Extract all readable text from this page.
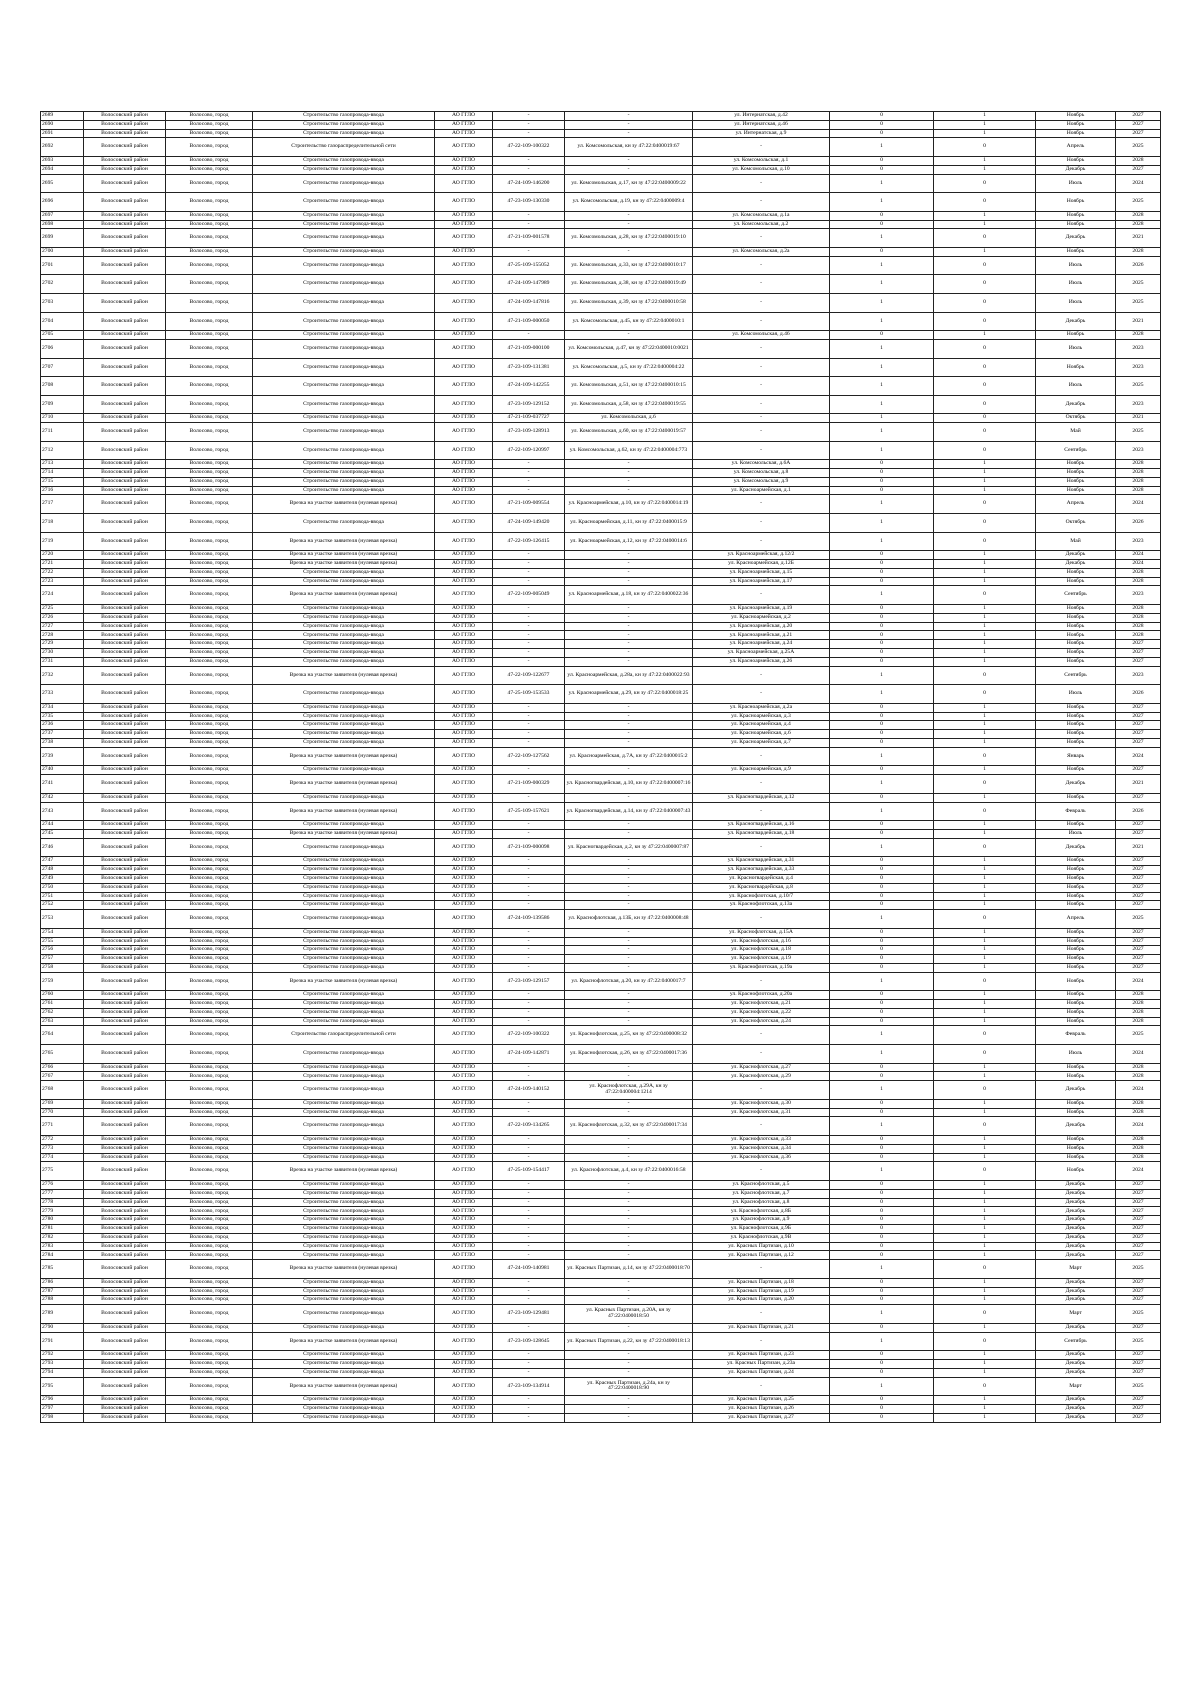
2689	Волосовский район	Волосово, город	Строительство газопровода-ввода	АО ГГЛО	-	-	ул. Интернатская, д.42	0	1	Ноябрь	2027
2690	Волосовский район	Волосово, город	Строительство газопровода-ввода	АО ГГЛО	-	-	ул. Интернатская, д.46	0	1	Ноябрь	2027
2691	Волосовский район	Волосово, город	Строительство газопровода-ввода	АО ГГЛО	-	-	ул. Интернатская, д.9	0	1	Ноябрь	2027
2692	Волосовский район	Волосово, город	Строительство газораспределительной сети	АО ГГЛО	47-22-109-100322	ул. Комсомольская, кн зу 47:22:0400019:67	-	1	0	Апрель	2025
2693	Волосовский район	Волосово, город	Строительство газопровода-ввода	АО ГГЛО	-	-	ул. Комсомольская, д.1	0	1	Ноябрь	2028
2694	Волосовский район	Волосово, город	Строительство газопровода-ввода	АО ГГЛО	-	-	ул. Комсомольская, д.10	0	1	Декабрь	2027
2695	Волосовский район	Волосово, город	Строительство газопровода-ввода	АО ГГЛО	47-24-109-146200	ул. Комсомольская, д.17, кн зу 47:22:0400009:22	-	1	0	Июль	2024
2696	Волосовский район	Волосово, город	Строительство газопровода-ввода	АО ГГЛО	47-23-109-130330	ул. Комсомольская, д.19, кн зу 47:22:0400009:4	-	1	0	Ноябрь	2025
2697	Волосовский район	Волосово, город	Строительство газопровода-ввода	АО ГГЛО	-	-	ул. Комсомольская, д.1а	0	1	Ноябрь	2028
2698	Волосовский район	Волосово, город	Строительство газопровода-ввода	АО ГГЛО	-	-	ул. Комсомольская, д.2	0	1	Ноябрь	2028
2699	Волосовский район	Волосово, город	Строительство газопровода-ввода	АО ГГЛО	47-21-109-001578	ул. Комсомольская, д.28, кн зу 47:22:0400019:10	-	1	0	Декабрь	2021
2700	Волосовский район	Волосово, город	Строительство газопровода-ввода	АО ГГЛО	-	-	ул. Комсомольская, д.2а	0	1	Ноябрь	2028
2701	Волосовский район	Волосово, город	Строительство газопровода-ввода	АО ГГЛО	47-25-109-155052	ул. Комсомольская, д.33, кн зу 47:22:0400010:17	-	1	0	Июль	2026
2702	Волосовский район	Волосово, город	Строительство газопровода-ввода	АО ГГЛО	47-24-109-147989	ул. Комсомольская, д.38, кн зу 47:22:0400019:49	-	1	0	Июль	2025
2703	Волосовский район	Волосово, город	Строительство газопровода-ввода	АО ГГЛО	47-24-109-147816	ул. Комсомольская, д.39, кн зу 47:22:0400010:58	-	1	0	Июль	2025
2704	Волосовский район	Волосово, город	Строительство газопровода-ввода	АО ГГЛО	47-21-109-000050	ул. Комсомольская, д.45, кн зу 47:22:0400010:1	-	1	0	Декабрь	2021
2705	Волосовский район	Волосово, город	Строительство газопровода-ввода	АО ГГЛО	-	-	ул. Комсомольская, д.46	0	1	Ноябрь	2028
2706	Волосовский район	Волосово, город	Строительство газопровода-ввода	АО ГГЛО	47-21-109-000100	ул. Комсомольская, д.47, кн зу 47:22:0400010:0021	-	1	0	Июль	2023
2707	Волосовский район	Волосово, город	Строительство газопровода-ввода	АО ГГЛО	47-23-109-131381	ул. Комсомольская, д.5, кн зу 47:22:0400004:22	-	1	0	Ноябрь	2023
2708	Волосовский район	Волосово, город	Строительство газопровода-ввода	АО ГГЛО	47-24-109-142255	ул. Комсомольская, д.51, кн зу 47:22:0400010:15	-	1	0	Июль	2025
2709	Волосовский район	Волосово, город	Строительство газопровода-ввода	АО ГГЛО	47-23-109-129152	ул. Комсомольская, д.58, кн зу 47:22:0400019:55	-	1	0	Декабрь	2023
2710	Волосовский район	Волосово, город	Строительство газопровода-ввода	АО ГГЛО	47-21-109-037727	ул. Комсомольская, д.6	-	1	0	Октябрь	2021
2711	Волосовский район	Волосово, город	Строительство газопровода-ввода	АО ГГЛО	47-23-109-128913	ул. Комсомольская, д.60, кн зу 47:22:0400019:57	-	1	0	Май	2025
2712	Волосовский район	Волосово, город	Строительство газопровода-ввода	АО ГГЛО	47-22-109-120997	ул. Комсомольская, д.62, кн зу 47:22:0400004:773	-	1	0	Сентябрь	2023
2713	Волосовский район	Волосово, город	Строительство газопровода-ввода	АО ГГЛО	-	-	ул. Комсомольская, д.6А	0	1	Ноябрь	2028
2714	Волосовский район	Волосово, город	Строительство газопровода-ввода	АО ГГЛО	-	-	ул. Комсомольская, д.8	0	1	Ноябрь	2028
2715	Волосовский район	Волосово, город	Строительство газопровода-ввода	АО ГГЛО	-	-	ул. Комсомольская, д.9	0	1	Ноябрь	2028
2716	Волосовский район	Волосово, город	Строительство газопровода-ввода	АО ГГЛО	-	-	ул. Красноармейская, д.1	0	1	Ноябрь	2028
2717	Волосовский район	Волосово, город	Врезка на участке заявителя (нулевая врезка)	АО ГГЛО	47-21-109-009554	ул. Красноармейская, д.10, кн зу 47:22:0400014:19	-	1	0	Апрель	2024
2718	Волосовский район	Волосово, город	Строительство газопровода-ввода	АО ГГЛО	47-24-109-149420	ул. Красноармейская, д.11, кн зу 47:22:0400015:9	-	1	0	Октябрь	2026
2719	Волосовский район	Волосово, город	Врезка на участке заявителя (нулевая врезка)	АО ГГЛО	47-22-109-126415	ул. Красноармейская, д.12, кн зу 47:22:0400014:6	-	1	0	Май	2023
2720	Волосовский район	Волосово, город	Врезка на участке заявителя (нулевая врезка)	АО ГГЛО	-	-	ул. Красноармейская, д.12/2	0	1	Декабрь	2024
2721	Волосовский район	Волосово, город	Врезка на участке заявителя (нулевая врезка)	АО ГГЛО	-	-	ул. Красноармейская, д.12Б	0	1	Декабрь	2024
2722	Волосовский район	Волосово, город	Строительство газопровода-ввода	АО ГГЛО	-	-	ул. Красноармейская, д.15	0	1	Ноябрь	2028
2723	Волосовский район	Волосово, город	Строительство газопровода-ввода	АО ГГЛО	-	-	ул. Красноармейская, д.17	0	1	Ноябрь	2028
2724	Волосовский район	Волосово, город	Врезка на участке заявителя (нулевая врезка)	АО ГГЛО	47-22-109-005049	ул. Красноармейская, д.18, кн зу 47:22:0400022:36	-	1	0	Сентябрь	2023
2725	Волосовский район	Волосово, город	Строительство газопровода-ввода	АО ГГЛО	-	-	ул. Красноармейская, д.19	0	1	Ноябрь	2028
2726	Волосовский район	Волосово, город	Строительство газопровода-ввода	АО ГГЛО	-	-	ул. Красноармейская, д.2	0	1	Ноябрь	2028
2727	Волосовский район	Волосово, город	Строительство газопровода-ввода	АО ГГЛО	-	-	ул. Красноармейская, д.20	0	1	Ноябрь	2028
2728	Волосовский район	Волосово, город	Строительство газопровода-ввода	АО ГГЛО	-	-	ул. Красноармейская, д.21	0	1	Ноябрь	2028
2729	Волосовский район	Волосово, город	Строительство газопровода-ввода	АО ГГЛО	-	-	ул. Красноармейская, д.24	0	1	Ноябрь	2027
2730	Волосовский район	Волосово, город	Строительство газопровода-ввода	АО ГГЛО	-	-	ул. Красноармейская, д.25А	0	1	Ноябрь	2027
2731	Волосовский район	Волосово, город	Строительство газопровода-ввода	АО ГГЛО	-	-	ул. Красноармейская, д.26	0	1	Ноябрь	2027
2732	Волосовский район	Волосово, город	Врезка на участке заявителя (нулевая врезка)	АО ГГЛО	47-22-109-122677	ул. Красноармейская, д.28а, кн зу 47:22:0400022:93	-	1	0	Сентябрь	2023
2733	Волосовский район	Волосово, город	Строительство газопровода-ввода	АО ГГЛО	47-25-109-153533	ул. Красноармейская, д.29, кн зу 47:22:0400018:25	-	1	0	Июль	2026
2734	Волосовский район	Волосово, город	Строительство газопровода-ввода	АО ГГЛО	-	-	ул. Красноармейская, д.2а	0	1	Ноябрь	2027
2735	Волосовский район	Волосово, город	Строительство газопровода-ввода	АО ГГЛО	-	-	ул. Красноармейская, д.3	0	1	Ноябрь	2027
2736	Волосовский район	Волосово, город	Строительство газопровода-ввода	АО ГГЛО	-	-	ул. Красноармейская, д.4	0	1	Ноябрь	2027
2737	Волосовский район	Волосово, город	Строительство газопровода-ввода	АО ГГЛО	-	-	ул. Красноармейская, д.6	0	1	Ноябрь	2027
2738	Волосовский район	Волосово, город	Строительство газопровода-ввода	АО ГГЛО	-	-	ул. Красноармейская, д.7	0	1	Ноябрь	2027
2739	Волосовский район	Волосово, город	Врезка на участке заявителя (нулевая врезка)	АО ГГЛО	47-22-109-127562	ул. Красноармейская, д.7А, кн зу 47:22:0400015:2	-	1	0	Январь	2024
2740	Волосовский район	Волосово, город	Строительство газопровода-ввода	АО ГГЛО	-	-	ул. Красноармейская, д.9	0	1	Ноябрь	2027
2741	Волосовский район	Волосово, город	Врезка на участке заявителя (нулевая врезка)	АО ГГЛО	47-21-109-000329	ул. Красногвардейская, д.10, кн зу 47:22:0400007:16	-	1	0	Декабрь	2021
2742	Волосовский район	Волосово, город	Строительство газопровода-ввода	АО ГГЛО	-	-	ул. Красногвардейская, д.12	0	1	Ноябрь	2027
2743	Волосовский район	Волосово, город	Врезка на участке заявителя (нулевая врезка)	АО ГГЛО	47-25-109-157621	ул. Красногвардейская, д.14, кн зу 47:22:0400007:43	-	1	0	Февраль	2026
2744	Волосовский район	Волосово, город	Строительство газопровода-ввода	АО ГГЛО	-	-	ул. Красногвардейская, д.16	0	1	Ноябрь	2027
2745	Волосовский район	Волосово, город	Врезка на участке заявителя (нулевая врезка)	АО ГГЛО	-	-	ул. Красногвардейская, д.18	0	1	Июль	2027
2746	Волосовский район	Волосово, город	Строительство газопровода-ввода	АО ГГЛО	47-21-109-000098	ул. Красногвардейская, д.2, кн зу 47:22:0400007:87	-	1	0	Декабрь	2021
2747	Волосовский район	Волосово, город	Строительство газопровода-ввода	АО ГГЛО	-	-	ул. Красногвардейская, д.31	0	1	Ноябрь	2027
2748	Волосовский район	Волосово, город	Строительство газопровода-ввода	АО ГГЛО	-	-	ул. Красногвардейская, д.33	0	1	Ноябрь	2027
2749	Волосовский район	Волосово, город	Строительство газопровода-ввода	АО ГГЛО	-	-	ул. Красногвардейская, д.4	0	1	Ноябрь	2027
2750	Волосовский район	Волосово, город	Строительство газопровода-ввода	АО ГГЛО	-	-	ул. Красногвардейская, д.8	0	1	Ноябрь	2027
2751	Волосовский район	Волосово, город	Строительство газопровода-ввода	АО ГГЛО	-	-	ул. Краснофлотская, д.10/7	0	1	Ноябрь	2027
2752	Волосовский район	Волосово, город	Строительство газопровода-ввода	АО ГГЛО	-	-	ул. Краснофлотская, д.13а	0	1	Ноябрь	2027
2753	Волосовский район	Волосово, город	Строительство газопровода-ввода	АО ГГЛО	47-24-109-139586	ул. Краснофлотская, д.13Б, кн зу 47:22:0400008:48	-	1	0	Апрель	2025
2754	Волосовский район	Волосово, город	Строительство газопровода-ввода	АО ГГЛО	-	-	ул. Краснофлотская, д.15А	0	1	Ноябрь	2027
2755	Волосовский район	Волосово, город	Строительство газопровода-ввода	АО ГГЛО	-	-	ул. Краснофлотская, д.16	0	1	Ноябрь	2027
2756	Волосовский район	Волосово, город	Строительство газопровода-ввода	АО ГГЛО	-	-	ул. Краснофлотская, д.18	0	1	Ноябрь	2027
2757	Волосовский район	Волосово, город	Строительство газопровода-ввода	АО ГГЛО	-	-	ул. Краснофлотская, д.19	0	1	Ноябрь	2027
2758	Волосовский район	Волосово, город	Строительство газопровода-ввода	АО ГГЛО	-	-	ул. Краснофлотская, д.19а	0	1	Ноябрь	2027
2759	Волосовский район	Волосово, город	Врезка на участке заявителя (нулевая врезка)	АО ГГЛО	47-23-109-129157	ул. Краснофлотская, д.20, кн зу 47:22:0400017:7	-	1	0	Ноябрь	2024
2760	Волосовский район	Волосово, город	Строительство газопровода-ввода	АО ГГЛО	-	-	ул. Краснофлотская, д.20а	0	1	Ноябрь	2028
2761	Волосовский район	Волосово, город	Строительство газопровода-ввода	АО ГГЛО	-	-	ул. Краснофлотская, д.21	0	1	Ноябрь	2028
2762	Волосовский район	Волосово, город	Строительство газопровода-ввода	АО ГГЛО	-	-	ул. Краснофлотская, д.22	0	1	Ноябрь	2028
2763	Волосовский район	Волосово, город	Строительство газопровода-ввода	АО ГГЛО	-	-	ул. Краснофлотская, д.24	0	1	Ноябрь	2028
2764	Волосовский район	Волосово, город	Строительство газораспределительной сети	АО ГГЛО	47-22-109-100322	ул. Краснофлотская, д.25, кн зу 47:22:0400008:32	-	1	0	Февраль	2025
2765	Волосовский район	Волосово, город	Строительство газопровода-ввода	АО ГГЛО	47-24-109-142871	ул. Краснофлотская, д.26, кн зу 47:22:0400017:36	-	1	0	Июль	2024
2766	Волосовский район	Волосово, город	Строительство газопровода-ввода	АО ГГЛО	-	-	ул. Краснофлотская, д.27	0	1	Ноябрь	2028
2767	Волосовский район	Волосово, город	Строительство газопровода-ввода	АО ГГЛО	-	-	ул. Краснофлотская, д.29	0	1	Ноябрь	2028
2768	Волосовский район	Волосово, город	Строительство газопровода-ввода	АО ГГЛО	47-24-109-140152	ул. Краснофлотская, д.29А, кн зу 47:22:0400004:1214	-	1	0	Декабрь	2024
2769	Волосовский район	Волосово, город	Строительство газопровода-ввода	АО ГГЛО	-	-	ул. Краснофлотская, д.30	0	1	Ноябрь	2028
2770	Волосовский район	Волосово, город	Строительство газопровода-ввода	АО ГГЛО	-	-	ул. Краснофлотская, д.31	0	1	Ноябрь	2028
2771	Волосовский район	Волосово, город	Строительство газопровода-ввода	АО ГГЛО	47-22-109-134265	ул. Краснофлотская, д.32, кн зу 47:22:0400017:34	-	1	0	Декабрь	2024
2772	Волосовский район	Волосово, город	Строительство газопровода-ввода	АО ГГЛО	-	-	ул. Краснофлотская, д.33	0	1	Ноябрь	2028
2773	Волосовский район	Волосово, город	Строительство газопровода-ввода	АО ГГЛО	-	-	ул. Краснофлотская, д.34	0	1	Ноябрь	2028
2774	Волосовский район	Волосово, город	Строительство газопровода-ввода	АО ГГЛО	-	-	ул. Краснофлотская, д.36	0	1	Ноябрь	2028
2775	Волосовский район	Волосово, город	Врезка на участке заявителя (нулевая врезка)	АО ГГЛО	47-25-109-154417	ул. Краснофлотская, д.4, кн зу 47:22:0400016:58	-	1	0	Ноябрь	2024
2776	Волосовский район	Волосово, город	Строительство газопровода-ввода	АО ГГЛО	-	-	ул. Краснофлотская, д.5	0	1	Декабрь	2027
2777	Волосовский район	Волосово, город	Строительство газопровода-ввода	АО ГГЛО	-	-	ул. Краснофлотская, д.7	0	1	Декабрь	2027
2778	Волосовский район	Волосово, город	Строительство газопровода-ввода	АО ГГЛО	-	-	ул. Краснофлотская, д.8	0	1	Декабрь	2027
2779	Волосовский район	Волосово, город	Строительство газопровода-ввода	АО ГГЛО	-	-	ул. Краснофлотская, д.8Б	0	1	Декабрь	2027
2780	Волосовский район	Волосово, город	Строительство газопровода-ввода	АО ГГЛО	-	-	ул. Краснофлотская, д.9	0	1	Декабрь	2027
2781	Волосовский район	Волосово, город	Строительство газопровода-ввода	АО ГГЛО	-	-	ул. Краснофлотская, д.9Б	0	1	Декабрь	2027
2782	Волосовский район	Волосово, город	Строительство газопровода-ввода	АО ГГЛО	-	-	ул. Краснофлотская, д.9В	0	1	Декабрь	2027
2783	Волосовский район	Волосово, город	Строительство газопровода-ввода	АО ГГЛО	-	-	ул. Красных Партизан, д.10	0	1	Декабрь	2027
2784	Волосовский район	Волосово, город	Строительство газопровода-ввода	АО ГГЛО	-	-	ул. Красных Партизан, д.12	0	1	Декабрь	2027
2785	Волосовский район	Волосово, город	Врезка на участке заявителя (нулевая врезка)	АО ГГЛО	47-24-109-140981	ул. Красных Партизан, д.14, кн зу 47:22:0400018:70	-	1	0	Март	2025
2786	Волосовский район	Волосово, город	Строительство газопровода-ввода	АО ГГЛО	-	-	ул. Красных Партизан, д.18	0	1	Декабрь	2027
2787	Волосовский район	Волосово, город	Строительство газопровода-ввода	АО ГГЛО	-	-	ул. Красных Партизан, д.19	0	1	Декабрь	2027
2788	Волосовский район	Волосово, город	Строительство газопровода-ввода	АО ГГЛО	-	-	ул. Красных Партизан, д.20	0	1	Декабрь	2027
2789	Волосовский район	Волосово, город	Строительство газопровода-ввода	АО ГГЛО	47-23-109-129481	ул. Красных Партизан, д.20А, кн зу 47:22:0400018:50	-	1	0	Март	2025
2790	Волосовский район	Волосово, город	Строительство газопровода-ввода	АО ГГЛО	-	-	ул. Красных Партизан, д.21	0	1	Декабрь	2027
2791	Волосовский район	Волосово, город	Врезка на участке заявителя (нулевая врезка)	АО ГГЛО	47-23-109-128645	ул. Красных Партизан, д.22, кн зу 47:22:0400018:13	-	1	0	Сентябрь	2025
2792	Волосовский район	Волосово, город	Строительство газопровода-ввода	АО ГГЛО	-	-	ул. Красных Партизан, д.23	0	1	Декабрь	2027
2793	Волосовский район	Волосово, город	Строительство газопровода-ввода	АО ГГЛО	-	-	ул. Красных Партизан, д.23а	0	1	Декабрь	2027
2794	Волосовский район	Волосово, город	Строительство газопровода-ввода	АО ГГЛО	-	-	ул. Красных Партизан, д.24	0	1	Декабрь	2027
2795	Волосовский район	Волосово, город	Врезка на участке заявителя (нулевая врезка)	АО ГГЛО	47-23-109-134914	ул. Красных Партизан, д.24а, кн зу 47:22:0400018:90	-	1	0	Март	2025
2796	Волосовский район	Волосово, город	Строительство газопровода-ввода	АО ГГЛО	-	-	ул. Красных Партизан, д.25	0	1	Декабрь	2027
2797	Волосовский район	Волосово, город	Строительство газопровода-ввода	АО ГГЛО	-	-	ул. Красных Партизан, д.26	0	1	Декабрь	2027
2798	Волосовский район	Волосово, город	Строительство газопровода-ввода	АО ГГЛО	-	-	ул. Красных Партизан, д.27	0	1	Декабрь	2027
